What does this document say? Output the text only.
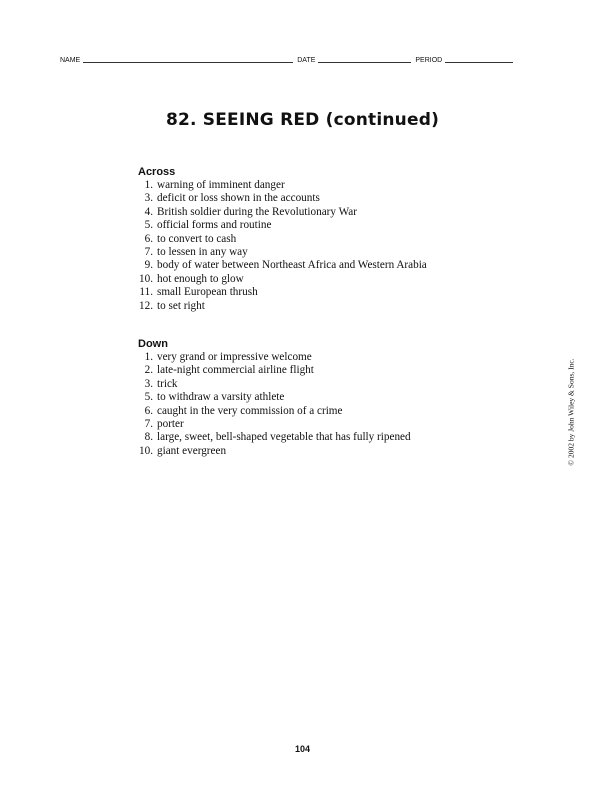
NAME	DATE	PERIOD
82. SEEING RED (continued)
Across
1. warning of imminent danger
3. deficit or loss shown in the accounts
4. British soldier during the Revolutionary War
5. official forms and routine
6. to convert to cash
7. to lessen in any way
9. body of water between Northeast Africa and Western Arabia
10. hot enough to glow
11. small European thrush
12. to set right
Down
1. very grand or impressive welcome
2. late-night commercial airline flight
3. trick
5. to withdraw a varsity athlete
6. caught in the very commission of a crime
7. porter
8. large, sweet, bell-shaped vegetable that has fully ripened
10. giant evergreen	© 2002 by John Wiley & Sons, Inc.
104
